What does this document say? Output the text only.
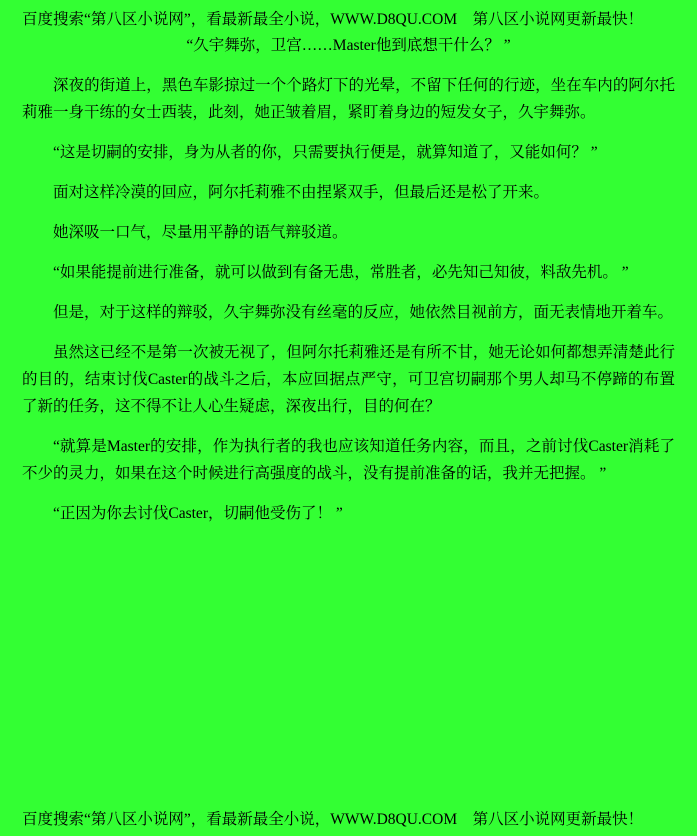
百度搜索“第八区小说网”，看最新最全小说，WWW.D8QU.COM　第八区小说网更新最快！

“久宇舞弥，卫宫……Master他到底想干什么？ ”

深夜的街道上，黑色车影掠过一个个路灯下的光晕，不留下任何的行迹，坐在车内的阿尔托莉雅一身干练的女士西装，此刻，她正皱着眉，紧盯着身边的短发女子，久宇舞弥。

“这是切嗣的安排，身为从者的你，只需要执行便是，就算知道了，又能如何？ ”

面对这样冷漠的回应，阿尔托莉雅不由捏紧双手，但最后还是松了开来。

她深吸一口气，尽量用平静的语气辩驳道。

“如果能提前进行准备，就可以做到有备无患，常胜者，必先知己知彼，料敌先机。 ”

但是，对于这样的辩驳，久宇舞弥没有丝毫的反应，她依然目视前方，面无表情地开着车。

虽然这已经不是第一次被无视了，但阿尔托莉雅还是有所不甘，她无论如何都想弄清楚此行的目的，结束讨伐Caster的战斗之后，本应回据点严守，可卫宫切嗣那个男人却马不停蹄的布置了新的任务，这不得不让人心生疑虑，深夜出行，目的何在？

“就算是Master的安排，作为执行者的我也应该知道任务内容，而且，之前讨伐Caster消耗了不少的灵力，如果在这个时候进行高强度的战斗，没有提前准备的话，我并无把握。 ”

“正因为你去讨伐Caster，切嗣他受伤了！ ”

百度搜索“第八区小说网”，看最新最全小说，WWW.D8QU.COM　第八区小说网更新最快！
